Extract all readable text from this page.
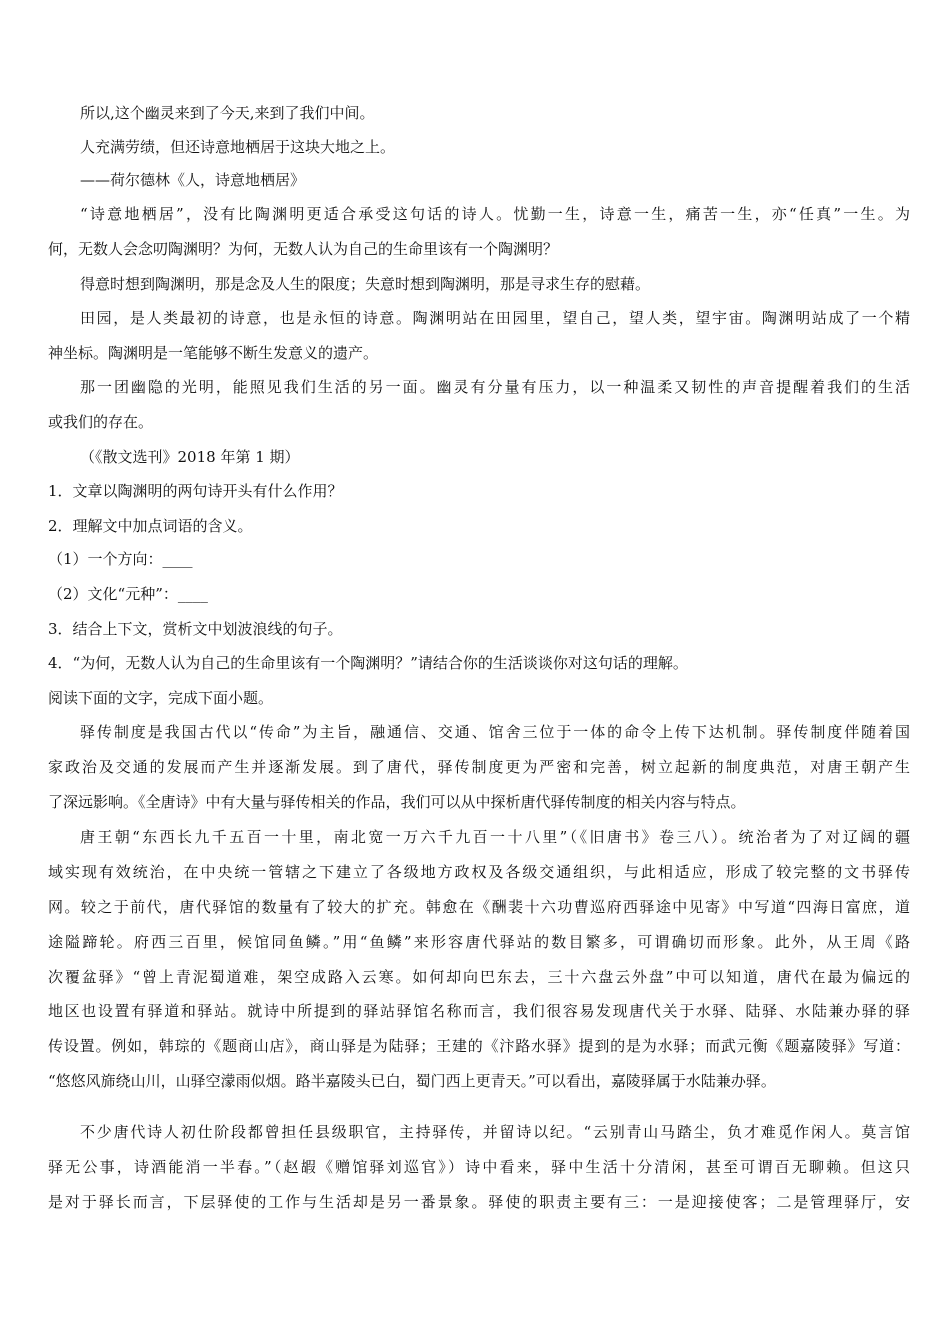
所以,这个幽灵来到了今天,来到了我们中间。
人充满劳绩，但还诗意地栖居于这块大地之上。
——荷尔德林《人，诗意地栖居》
“诗意地栖居”，没有比陶渊明更适合承受这句话的诗人。忧勤一生，诗意一生，痛苦一生，亦“任真”一生。为
何，无数人会念叨陶渊明？为何，无数人认为自己的生命里该有一个陶渊明？
得意时想到陶渊明，那是念及人生的限度；失意时想到陶渊明，那是寻求生存的慰藉。
田园，是人类最初的诗意，也是永恒的诗意。陶渊明站在田园里，望自己，望人类，望宇宙。陶渊明站成了一个精
神坐标。陶渊明是一笔能够不断生发意义的遗产。
那一团幽隐的光明，能照见我们生活的另一面。幽灵有分量有压力，以一种温柔又韧性的声音提醒着我们的生活
或我们的存在。
（《散文选刊》2018 年第 1 期）
1．文章以陶渊明的两句诗开头有什么作用？
2．理解文中加点词语的含义。
（1）一个方向：____
（2）文化“元种”：____
3．结合上下文，赏析文中划波浪线的句子。
4．“为何，无数人认为自己的生命里该有一个陶渊明？”请结合你的生活谈谈你对这句话的理解。
阅读下面的文字，完成下面小题。
驿传制度是我国古代以“传命”为主旨，融通信、交通、馆舍三位于一体的命令上传下达机制。驿传制度伴随着国
家政治及交通的发展而产生并逐渐发展。到了唐代，驿传制度更为严密和完善，树立起新的制度典范，对唐王朝产生
了深远影响。《全唐诗》中有大量与驿传相关的作品，我们可以从中探析唐代驿传制度的相关内容与特点。
唐王朝“东西长九千五百一十里，南北宽一万六千九百一十八里”（《旧唐书》卷三八）。统治者为了对辽阔的疆
域实现有效统治，在中央统一管辖之下建立了各级地方政权及各级交通组织，与此相适应，形成了较完整的文书驿传
网。较之于前代，唐代驿馆的数量有了较大的扩充。韩愈在《酬裴十六功曹巡府西驿途中见寄》中写道“四海日富庶，道
途隘蹄轮。府西三百里，候馆同鱼鳞。”用“鱼鳞”来形容唐代驿站的数目繁多，可谓确切而形象。此外，从王周《路
次覆盆驿》“曾上青泥蜀道难，架空成路入云寒。如何却向巴东去，三十六盘云外盘”中可以知道，唐代在最为偏远的
地区也设置有驿道和驿站。就诗中所提到的驿站驿馆名称而言，我们很容易发现唐代关于水驿、陆驿、水陆兼办驿的驿
传设置。例如，韩琮的《题商山店》，商山驿是为陆驿；王建的《汴路水驿》提到的是为水驿；而武元衡《题嘉陵驿》写道：
“悠悠风旆绕山川，山驿空濛雨似烟。路半嘉陵头已白，蜀门西上更青天。”可以看出，嘉陵驿属于水陆兼办驿。
不少唐代诗人初仕阶段都曾担任县级职官，主持驿传，并留诗以纪。“云别青山马踏尘，负才难觅作闲人。莫言馆
驿无公事，诗酒能消一半春。”（赵嘏《赠馆驿刘巡官》）诗中看来，驿中生活十分清闲，甚至可谓百无聊赖。但这只
是对于驿长而言，下层驿使的工作与生活却是另一番景象。驿使的职责主要有三：一是迎接使客；二是管理驿厅，安
